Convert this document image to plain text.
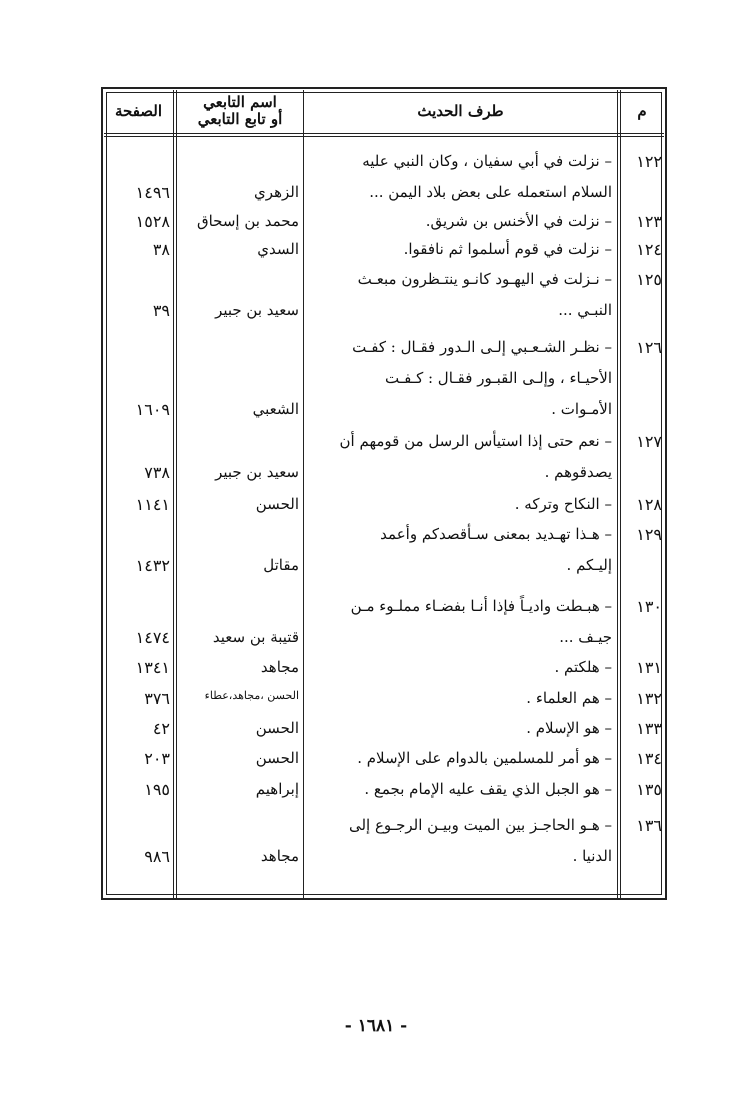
م
طرف الحديث
اسم التابعي
أو تابع التابعي
الصفحة
١٢٢
– نزلت في أبي سفيان ، وكان النبي عليه
السلام استعمله على بعض بلاد اليمن ...
الزهري
١٤٩٦
١٢٣
– نزلت في الأخنس بن شريق.
محمد بن إسحاق
١٥٢٨
١٢٤
– نزلت في قوم أسلموا ثم نافقوا.
السدي
٣٨
١٢٥
– نـزلت في اليهـود كانـو ينتـظرون مبعـث
النبـي ...
سعيد بن جبير
٣٩
١٢٦
– نظـر الشـعـبي إلـى الـدور فقـال : كفـت
الأحيـاء ، وإلـى القبـور فقـال : كـفـت
الأمـوات .
الشعبي
١٦٠٩
١٢٧
– نعم حتى إذا استيأس الرسل من قومهم أن
يصدقوهم .
سعيد بن جبير
٧٣٨
١٢٨
– النكاح وتركه .
الحسن
١١٤١
١٢٩
– هـذا تهـديد بمعنى سـأقصدكم وأعمد
إليـكم .
مقاتل
١٤٣٢
١٣٠
– هبـطت واديـاً فإذا أنـا بفضـاء مملـوء مـن
جيـف ...
قتيبة بن سعيد
١٤٧٤
١٣١
– هلكتم .
مجاهد
١٣٤١
١٣٢
– هم العلماء .
الحسن ،مجاهد،عطاء
٣٧٦
١٣٣
– هو الإسلام .
الحسن
٤٢
١٣٤
– هو أمر للمسلمين بالدوام على الإسلام .
الحسن
٢٠٣
١٣٥
– هو الجبل الذي يقف عليه الإمام بجمع .
إبراهيم
١٩٥
١٣٦
– هـو الحاجـز بين الميت وبيـن الرجـوع إلى
الدنيا .
مجاهد
٩٨٦
- ١٦٨١ -
